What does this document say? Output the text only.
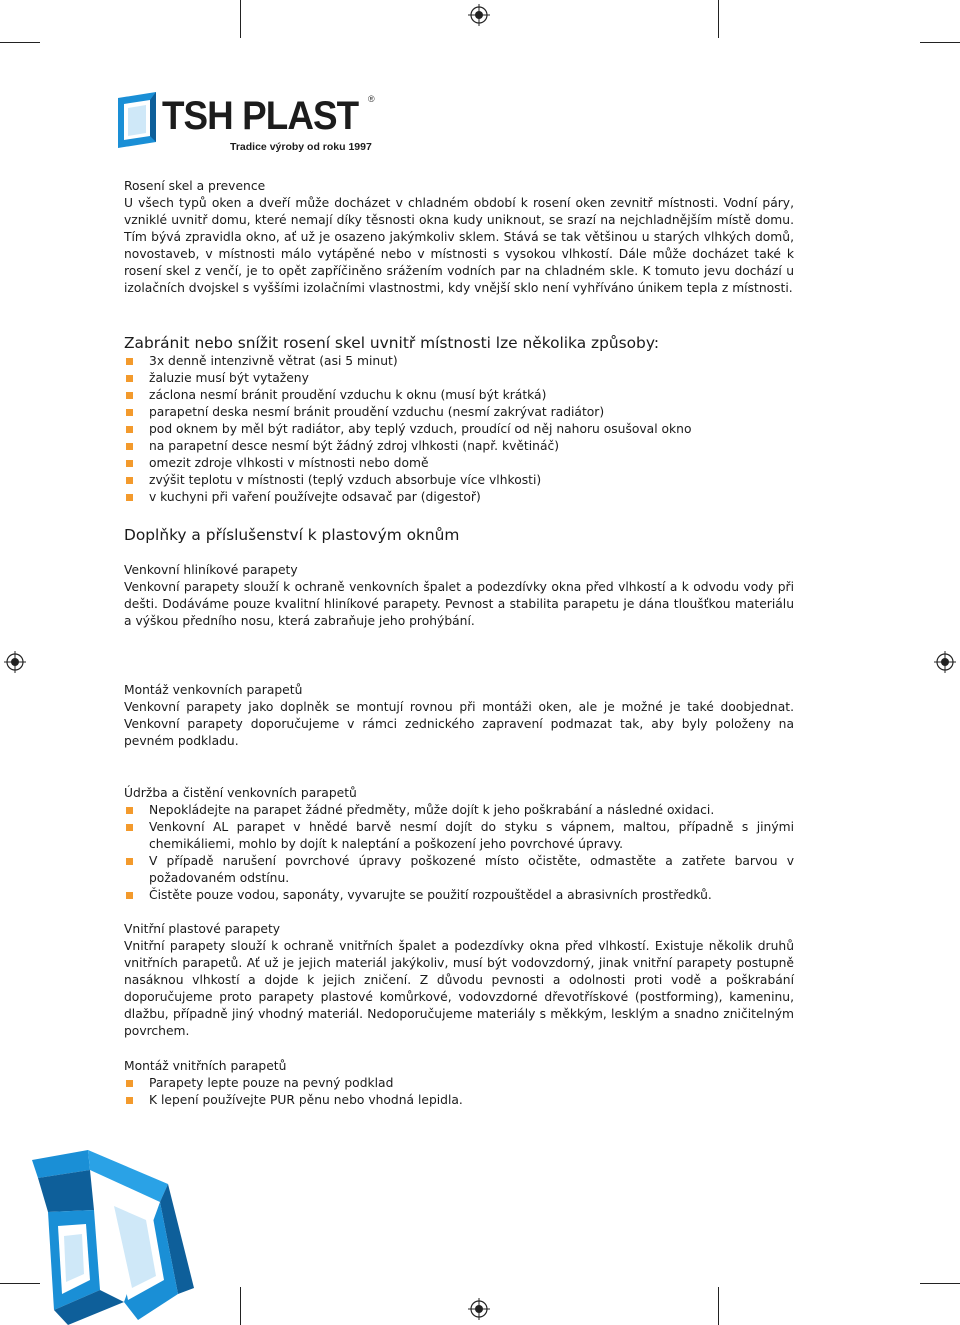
TSH PLAST ®
Tradice výroby od roku 1997

Rosení skel a prevence

U všech typů oken a dveří může docházet v chladném období k rosení oken zevnitř místnosti. Vodní páry, vzniklé uvnitř domu, které nemají díky těsnosti okna kudy uniknout, se srazí na nejchladnějším místě domu. Tím bývá zpravidla okno, ať už je osazeno jakýmkoliv sklem. Stává se tak většinou u starých vlhkých domů, novostaveb, v místnosti málo vytápěné nebo v místnosti s vysokou vlhkostí. Dále může docházet také k rosení skel z venčí, je to opět zapříčiněno srážením vodních par na chladném skle. K tomuto jevu dochází u izolačních dvojskel s vyššími izolačními vlastnostmi, kdy vnější sklo není vyhříváno únikem tepla z místnosti.

Zabránit nebo snížit rosení skel uvnitř místnosti lze několika způsoby:

3x denně intenzivně větrat (asi 5 minut)
žaluzie musí být vytaženy
záclona nesmí bránit proudění vzduchu k oknu (musí být krátká)
parapetní deska nesmí bránit proudění vzduchu (nesmí zakrývat radiátor)
pod oknem by měl být radiátor, aby teplý vzduch, proudící od něj nahoru osušoval okno
na parapetní desce nesmí být žádný zdroj vlhkosti (např. květináč)
omezit zdroje vlhkosti v místnosti nebo domě
zvýšit teplotu v místnosti (teplý vzduch absorbuje více vlhkosti)
v kuchyni při vaření používejte odsavač par (digestoř)

Doplňky a příslušenství k plastovým oknům

Venkovní hliníkové parapety

Venkovní parapety slouží k ochraně venkovních špalet a podezdívky okna před vlhkostí a k odvodu vody při dešti. Dodáváme pouze kvalitní hliníkové parapety. Pevnost a stabilita parapetu je dána tloušťkou materiálu a výškou předního nosu, která zabraňuje jeho prohýbání.

Montáž venkovních parapetů

Venkovní parapety jako doplněk se montují rovnou při montáži oken, ale je možné je také doobjednat. Venkovní parapety doporučujeme v rámci zednického zapravení podmazat tak, aby byly položeny na pevném podkladu.

Údržba a čistění venkovních parapetů

Nepokládejte na parapet žádné předměty, může dojít k jeho poškrabání a následné oxidaci.
Venkovní AL parapet v hnědé barvě nesmí dojít do styku s vápnem, maltou, případně s jinými chemikáliemi, mohlo by dojít k naleptání a poškození jeho povrchové úpravy.
V případě narušení povrchové úpravy poškozené místo očistěte, odmastěte a zatřete barvou v požadovaném odstínu.
Čistěte pouze vodou, saponáty, vyvarujte se použití rozpouštědel a abrasivních prostředků.

Vnitřní plastové parapety

Vnitřní parapety slouží k ochraně vnitřních špalet a podezdívky okna před vlhkostí. Existuje několik druhů vnitřních parapetů. Ať už je jejich materiál jakýkoliv, musí být vodovzdorný, jinak vnitřní parapety postupně nasáknou vlhkostí a dojde k jejich zničení. Z důvodu pevnosti a odolnosti proti vodě a poškrabání doporučujeme proto parapety plastové komůrkové, vodovzdorné dřevotřískové (postforming), kameninu, dlažbu, případně jiný vhodný materiál. Nedoporučujeme materiály s měkkým, lesklým a snadno zničitelným povrchem.

Montáž vnitřních parapetů

Parapety lepte pouze na pevný podklad
K lepení používejte PUR pěnu nebo vhodná lepidla.
